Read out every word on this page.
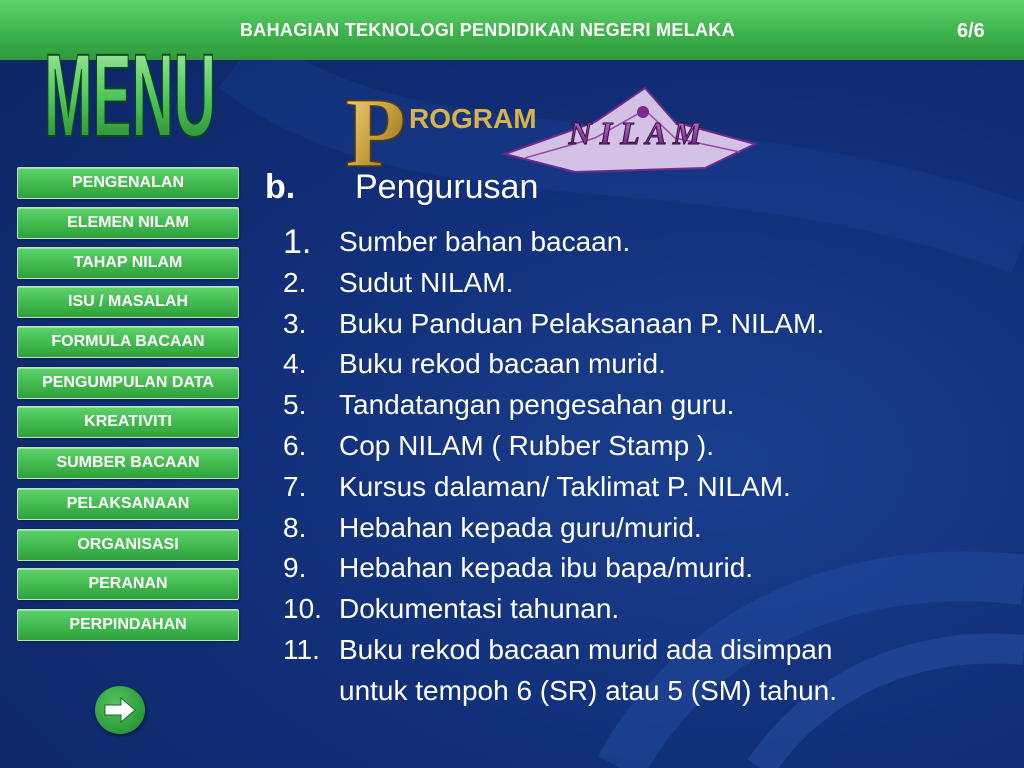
BAHAGIAN TEKNOLOGI PENDIDIKAN NEGERI MELAKA	6/6
MENU P ROGRAM N I L A M
PENGENALAN
ELEMEN NILAM
TAHAP NILAM
ISU / MASALAH
FORMULA BACAAN
PENGUMPULAN DATA
KREATIVITI
SUMBER BACAAN
PELAKSANAAN
ORGANISASI
PERANAN
PERPINDAHAN
b. Pengurusan
1. Sumber bahan bacaan.
2.	Sudut NILAM.
3.	Buku Panduan Pelaksanaan P. NILAM.
4.	Buku rekod bacaan murid.
5.	Tandatangan pengesahan guru.
6.	Cop NILAM ( Rubber Stamp ).
7.	Kursus dalaman/ Taklimat P. NILAM.
8.	Hebahan kepada guru/murid.
9.	Hebahan kepada ibu bapa/murid.
10. Dokumentasi tahunan.
11. Buku rekod bacaan murid ada disimpan
untuk tempoh 6 (SR) atau 5 (SM) tahun.
